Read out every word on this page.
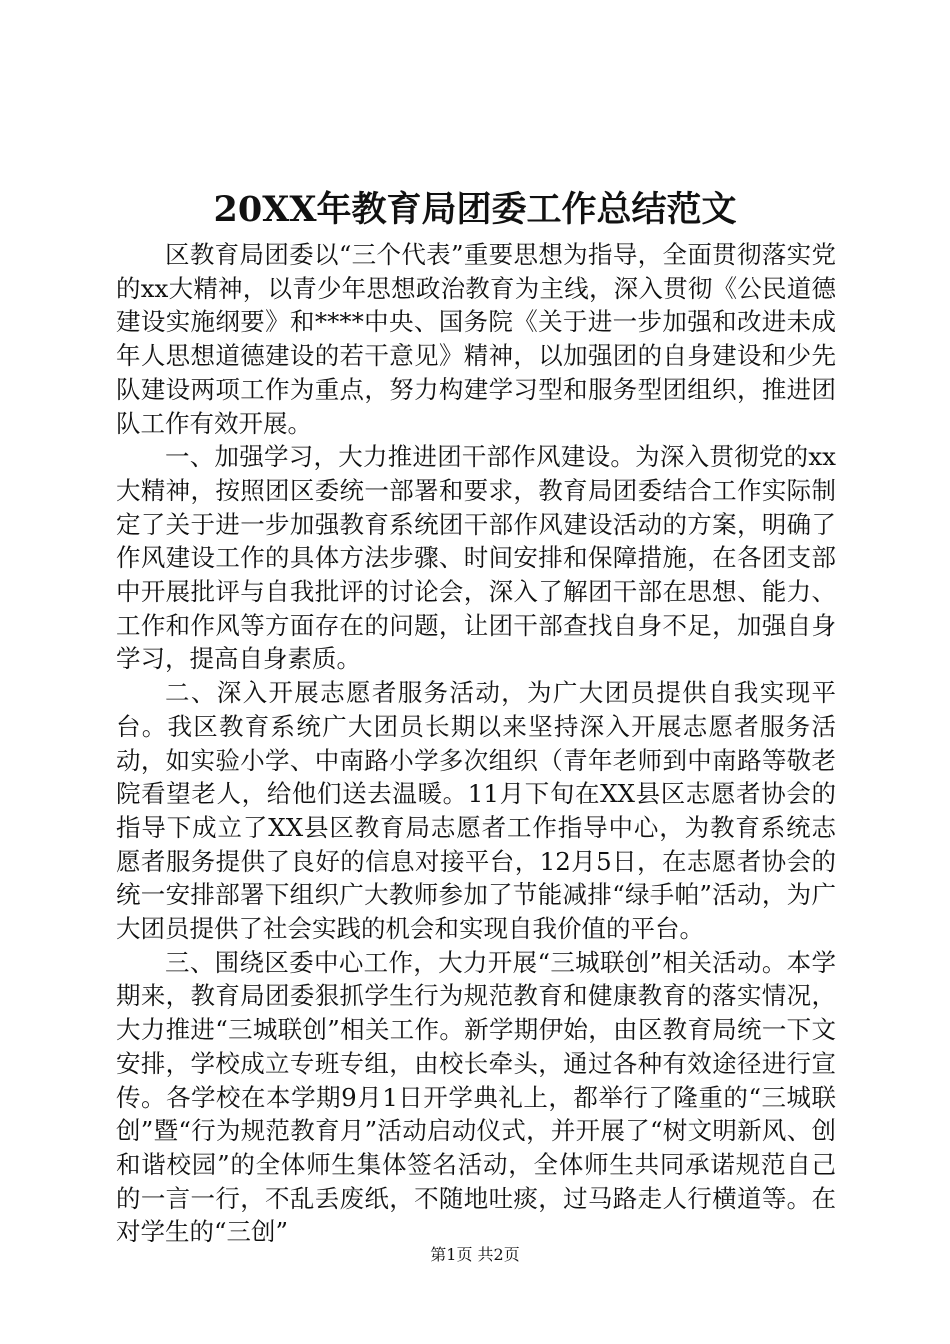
20XX年教育局团委工作总结范文

区教育局团委以“三个代表”重要思想为指导，全面贯彻落实党的xx大精神，以青少年思想政治教育为主线，深入贯彻《公民道德建设实施纲要》和****中央、国务院《关于进一步加强和改进未成年人思想道德建设的若干意见》精神，以加强团的自身建设和少先队建设两项工作为重点，努力构建学习型和服务型团组织，推进团队工作有效开展。

一、加强学习，大力推进团干部作风建设。为深入贯彻党的xx大精神，按照团区委统一部署和要求，教育局团委结合工作实际制定了关于进一步加强教育系统团干部作风建设活动的方案，明确了作风建设工作的具体方法步骤、时间安排和保障措施，在各团支部中开展批评与自我批评的讨论会，深入了解团干部在思想、能力、工作和作风等方面存在的问题，让团干部查找自身不足，加强自身学习，提高自身素质。

二、深入开展志愿者服务活动，为广大团员提供自我实现平台。我区教育系统广大团员长期以来坚持深入开展志愿者服务活动，如实验小学、中南路小学多次组织（青年老师到中南路等敬老院看望老人，给他们送去温暖。11月下旬在XX县区志愿者协会的指导下成立了XX县区教育局志愿者工作指导中心，为教育系统志愿者服务提供了良好的信息对接平台，12月5日，在志愿者协会的统一安排部署下组织广大教师参加了节能减排“绿手帕”活动，为广大团员提供了社会实践的机会和实现自我价值的平台。

三、围绕区委中心工作，大力开展“三城联创”相关活动。本学期来，教育局团委狠抓学生行为规范教育和健康教育的落实情况，大力推进“三城联创”相关工作。新学期伊始，由区教育局统一下文安排，学校成立专班专组，由校长牵头，通过各种有效途径进行宣传。各学校在本学期9月1日开学典礼上，都举行了隆重的“三城联创”暨“行为规范教育月”活动启动仪式，并开展了“树文明新风、创和谐校园”的全体师生集体签名活动，全体师生共同承诺规范自己的一言一行，不乱丢废纸，不随地吐痰，过马路走人行横道等。在对学生的“三创”

第1页 共2页
